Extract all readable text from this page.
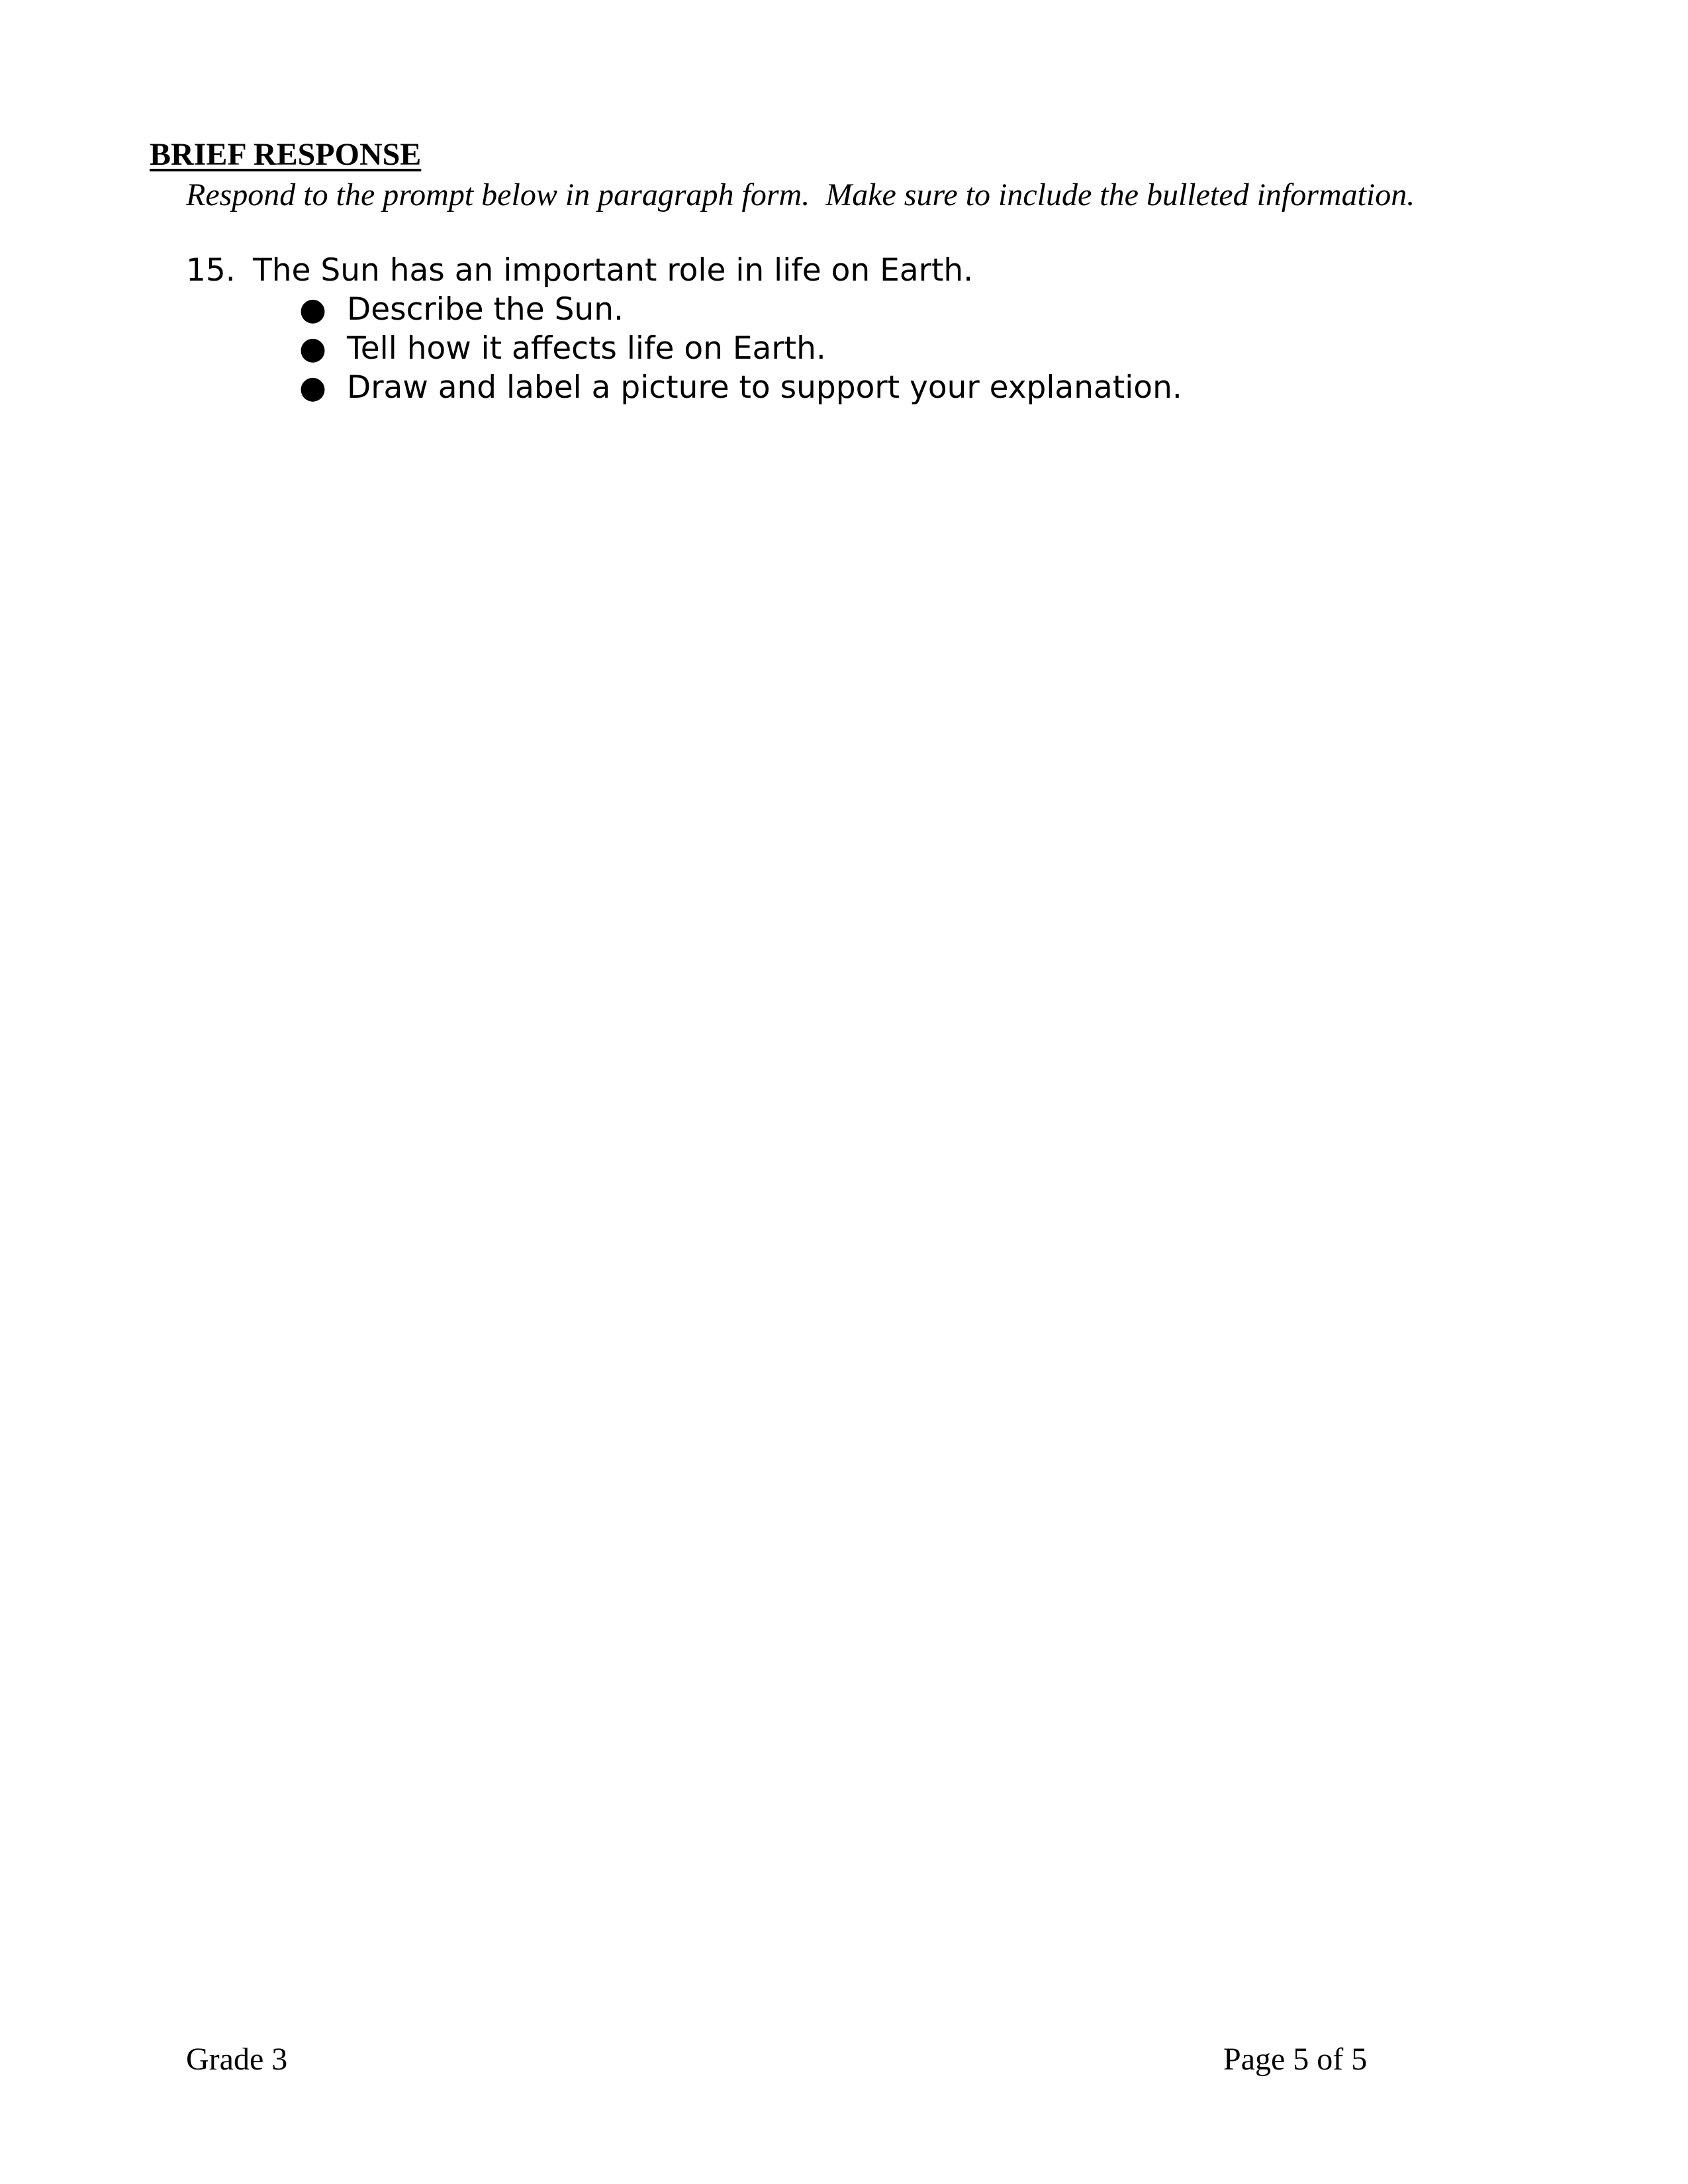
BRIEF RESPONSE
Respond to the prompt below in paragraph form.  Make sure to include the bulleted information.
15. The Sun has an important role in life on Earth.
● Describe the Sun.
● Tell how it affects life on Earth.
● Draw and label a picture to support your explanation.
Grade 3	Page 5 of 5
